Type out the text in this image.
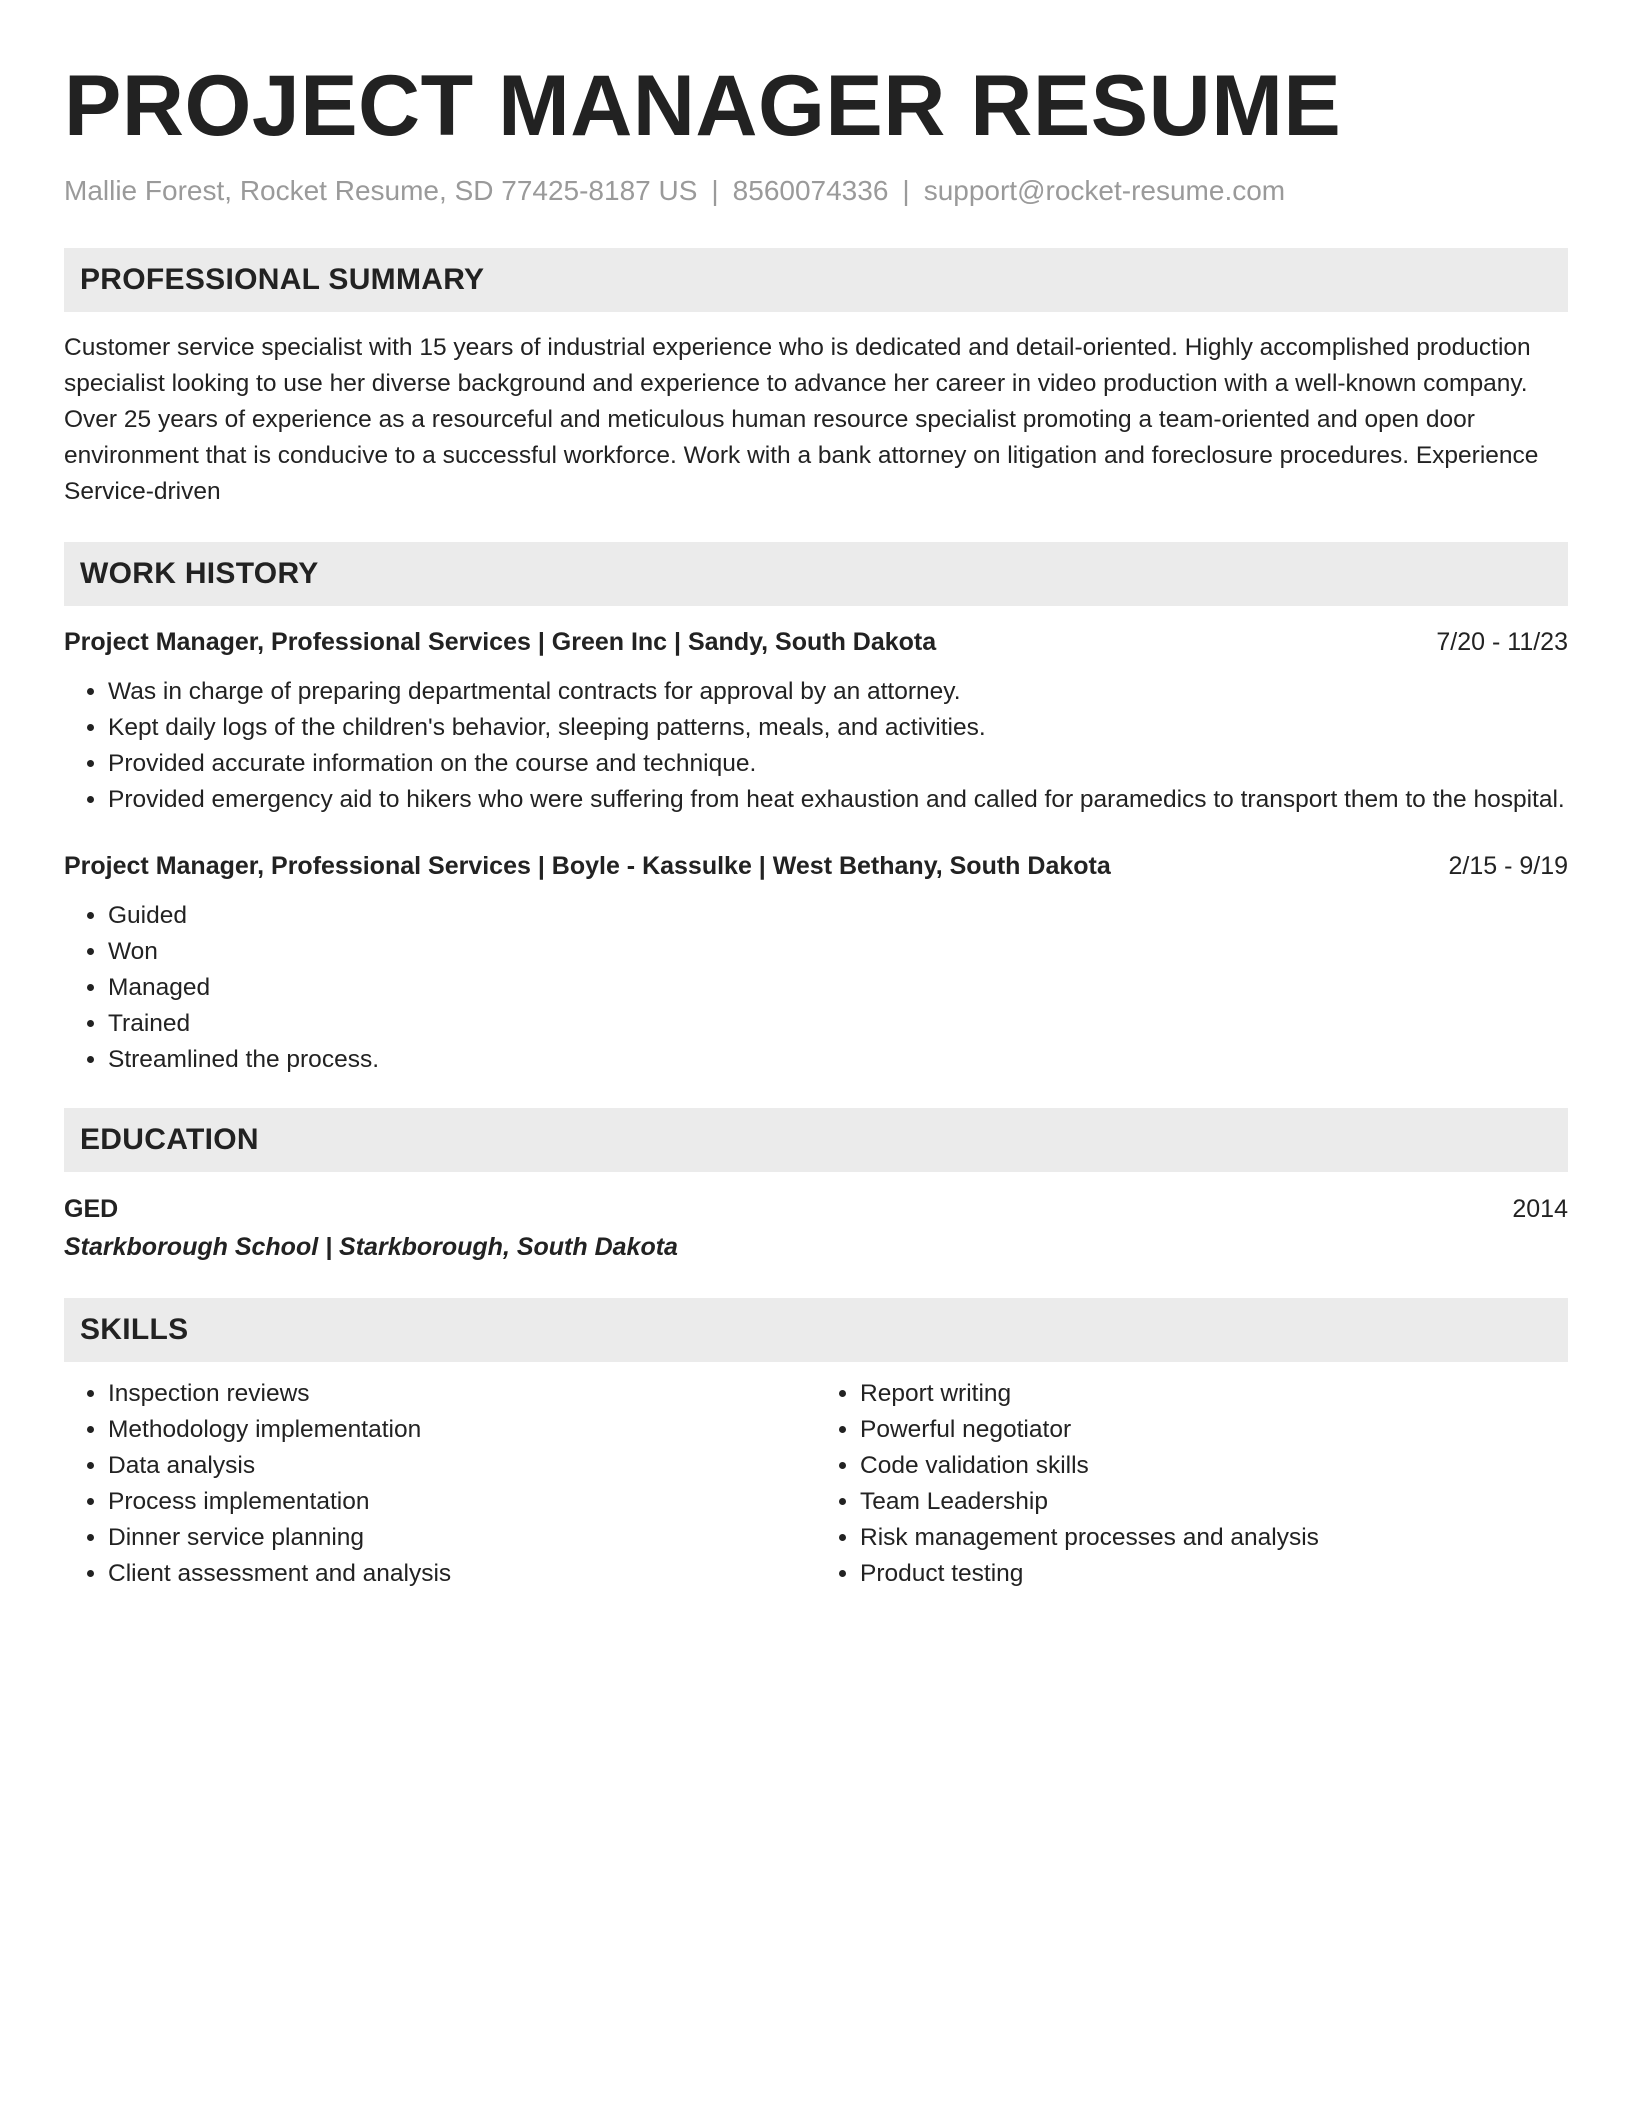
PROJECT MANAGER RESUME
Mallie Forest, Rocket Resume, SD 77425-8187 US | 8560074336 | support@rocket-resume.com
PROFESSIONAL SUMMARY
Customer service specialist with 15 years of industrial experience who is dedicated and detail-oriented. Highly accomplished production specialist looking to use her diverse background and experience to advance her career in video production with a well-known company. Over 25 years of experience as a resourceful and meticulous human resource specialist promoting a team-oriented and open door environment that is conducive to a successful workforce. Work with a bank attorney on litigation and foreclosure procedures. Experience Service-driven
WORK HISTORY
Project Manager, Professional Services | Green Inc | Sandy, South Dakota	7/20 - 11/23
• Was in charge of preparing departmental contracts for approval by an attorney.
• Kept daily logs of the children's behavior, sleeping patterns, meals, and activities.
• Provided accurate information on the course and technique.
• Provided emergency aid to hikers who were suffering from heat exhaustion and called for paramedics to transport them to the hospital.
Project Manager, Professional Services | Boyle - Kassulke | West Bethany, South Dakota	2/15 - 9/19
• Guided
• Won
• Managed
• Trained
• Streamlined the process.
EDUCATION
GED	2014
Starkborough School | Starkborough, South Dakota
SKILLS
• Inspection reviews
• Methodology implementation
• Data analysis
• Process implementation
• Dinner service planning
• Client assessment and analysis
• Report writing
• Powerful negotiator
• Code validation skills
• Team Leadership
• Risk management processes and analysis
• Product testing
